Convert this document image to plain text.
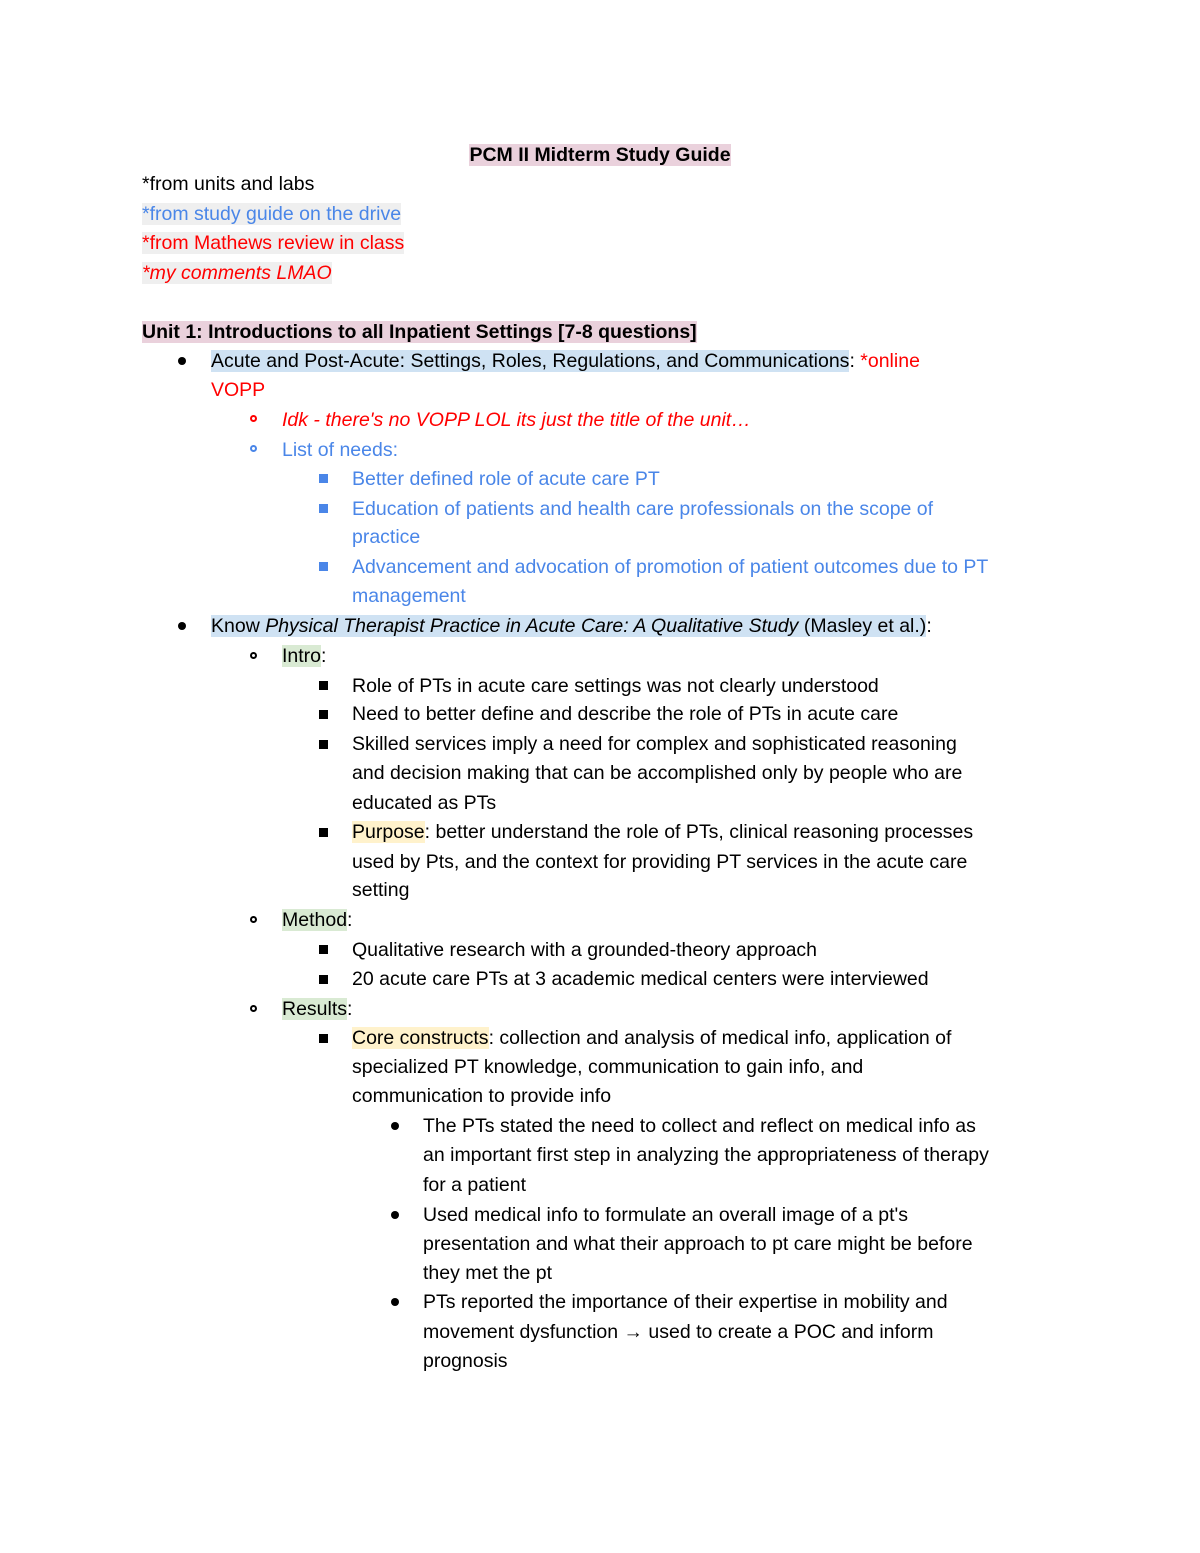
PCM II Midterm Study Guide
*from units and labs
*from study guide on the drive
*from Mathews review in class
*my comments LMAO
Unit 1: Introductions to all Inpatient Settings [7-8 questions]
Acute and Post-Acute: Settings, Roles, Regulations, and Communications: *online
VOPP
Idk - there's no VOPP LOL its just the title of the unit…
List of needs:
Better defined role of acute care PT
Education of patients and health care professionals on the scope of
practice
Advancement and advocation of promotion of patient outcomes due to PT
management
Know Physical Therapist Practice in Acute Care: A Qualitative Study (Masley et al.):
Intro:
Role of PTs in acute care settings was not clearly understood
Need to better define and describe the role of PTs in acute care
Skilled services imply a need for complex and sophisticated reasoning
and decision making that can be accomplished only by people who are
educated as PTs
Purpose: better understand the role of PTs, clinical reasoning processes
used by Pts, and the context for providing PT services in the acute care
setting
Method:
Qualitative research with a grounded-theory approach
20 acute care PTs at 3 academic medical centers were interviewed
Results:
Core constructs: collection and analysis of medical info, application of
specialized PT knowledge, communication to gain info, and
communication to provide info
The PTs stated the need to collect and reflect on medical info as
an important first step in analyzing the appropriateness of therapy
for a patient
Used medical info to formulate an overall image of a pt's
presentation and what their approach to pt care might be before
they met the pt
PTs reported the importance of their expertise in mobility and
movement dysfunction → used to create a POC and inform
prognosis
